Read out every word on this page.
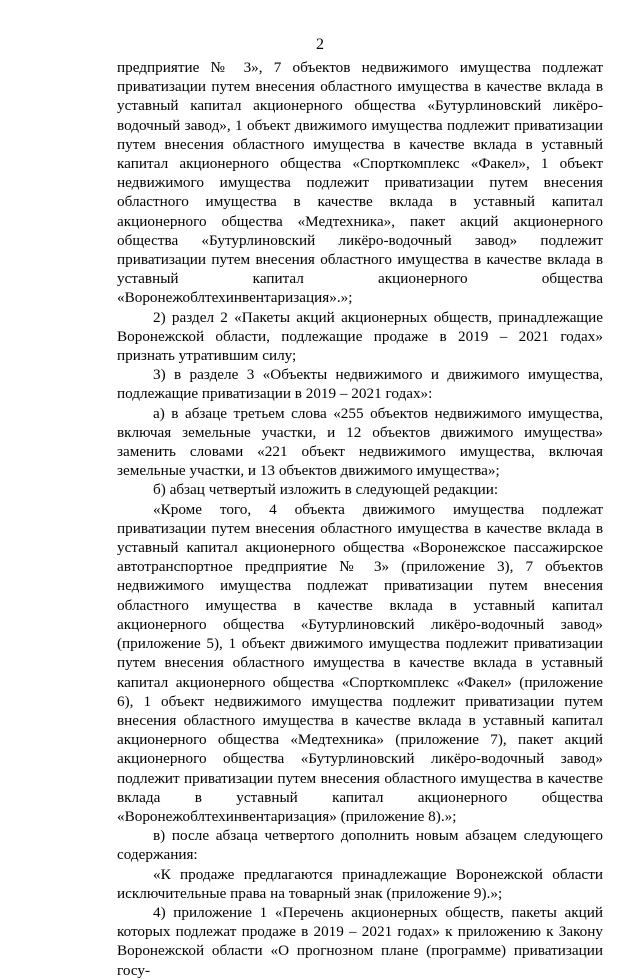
2

предприятие № 3», 7 объектов недвижимого имущества подлежат приватизации путем внесения областного имущества в качестве вклада в уставный капитал акционерного общества «Бутурлиновский ликёро-водочный завод», 1 объект движимого имущества подлежит приватизации путем внесения областного имущества в качестве вклада в уставный капитал акционерного общества «Спорткомплекс «Факел», 1 объект недвижимого имущества подлежит приватизации путем внесения областного имущества в качестве вклада в уставный капитал акционерного общества «Медтехника», пакет акций акционерного общества «Бутурлиновский ликёро-водочный завод» подлежит приватизации путем внесения областного имущества в качестве вклада в уставный капитал акционерного общества «Воронежоблтехинвентаризация».»;

2) раздел 2 «Пакеты акций акционерных обществ, принадлежащие Воронежской области, подлежащие продаже в 2019 – 2021 годах» признать утратившим силу;

3) в разделе 3 «Объекты недвижимого и движимого имущества, подлежащие приватизации в 2019 – 2021 годах»:

а) в абзаце третьем слова «255 объектов недвижимого имущества, включая земельные участки, и 12 объектов движимого имущества» заменить словами «221 объект недвижимого имущества, включая земельные участки, и 13 объектов движимого имущества»;

б) абзац четвертый изложить в следующей редакции:

«Кроме того, 4 объекта движимого имущества подлежат приватизации путем внесения областного имущества в качестве вклада в уставный капитал акционерного общества «Воронежское пассажирское автотранспортное предприятие № 3» (приложение 3), 7 объектов недвижимого имущества подлежат приватизации путем внесения областного имущества в качестве вклада в уставный капитал акционерного общества «Бутурлиновский ликёро-водочный завод» (приложение 5), 1 объект движимого имущества подлежит приватизации путем внесения областного имущества в качестве вклада в уставный капитал акционерного общества «Спорткомплекс «Факел» (приложение 6), 1 объект недвижимого имущества подлежит приватизации путем внесения областного имущества в качестве вклада в уставный капитал акционерного общества «Медтехника» (приложение 7), пакет акций акционерного общества «Бутурлиновский ликёро-водочный завод» подлежит приватизации путем внесения областного имущества в качестве вклада в уставный капитал акционерного общества «Воронежоблтехинвентаризация» (приложение 8).»;

в) после абзаца четвертого дополнить новым абзацем следующего содержания:

«К продаже предлагаются принадлежащие Воронежской области исключительные права на товарный знак (приложение 9).»;

4) приложение 1 «Перечень акционерных обществ, пакеты акций которых подлежат продаже в 2019 – 2021 годах» к приложению к Закону Воронежской области «О прогнозном плане (программе) приватизации госу-
